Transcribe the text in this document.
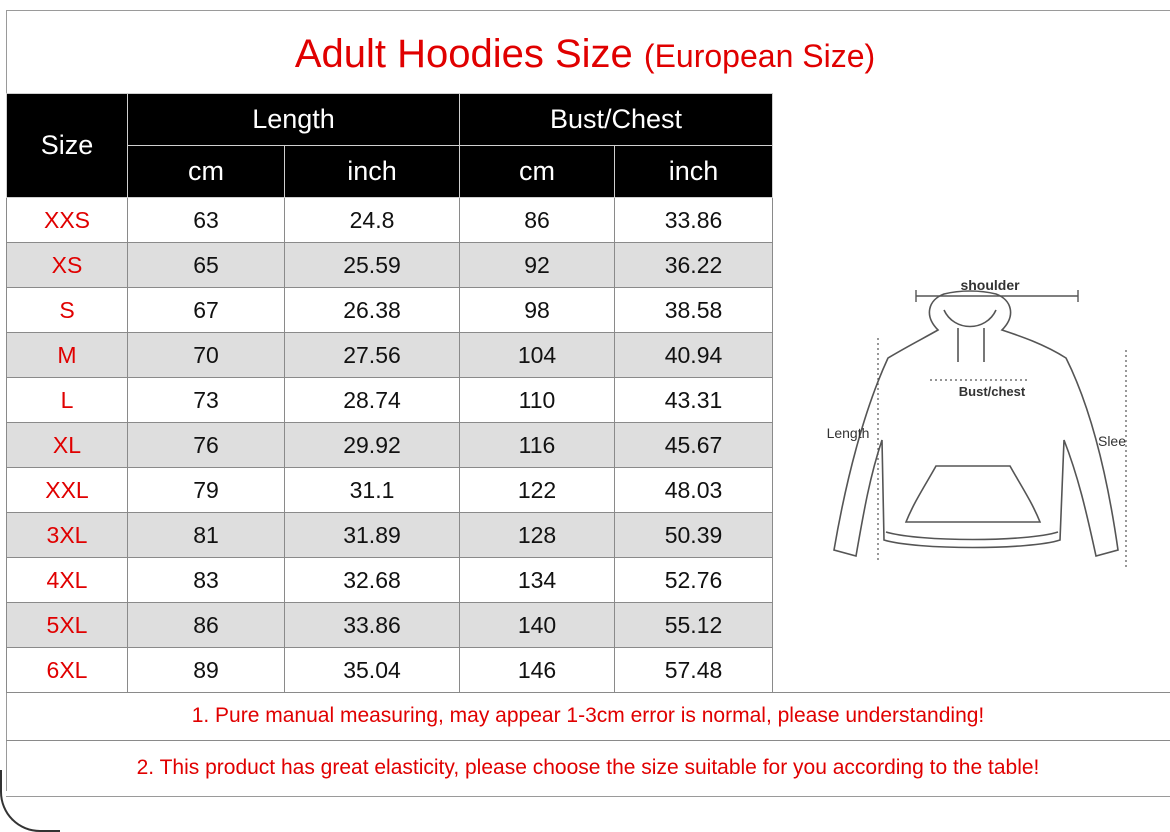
Adult Hoodies Size (European Size)
Size	Length		Bust/Chest	
	cm	inch	cm	inch
XXS	63	24.8	86	33.86
XS	65	25.59	92	36.22
S	67	26.38	98	38.58
M	70	27.56	104	40.94
L	73	28.74	110	43.31
XL	76	29.92	116	45.67
XXL	79	31.1	122	48.03
3XL	81	31.89	128	50.39
4XL	83	32.68	134	52.76
5XL	86	33.86	140	55.12
6XL	89	35.04	146	57.48
shoulder
Bust/chest
Length	Slee
1. Pure manual measuring, may appear 1-3cm error is normal, please understanding!
2. This product has great elasticity, please choose the size suitable for you according to the table!
